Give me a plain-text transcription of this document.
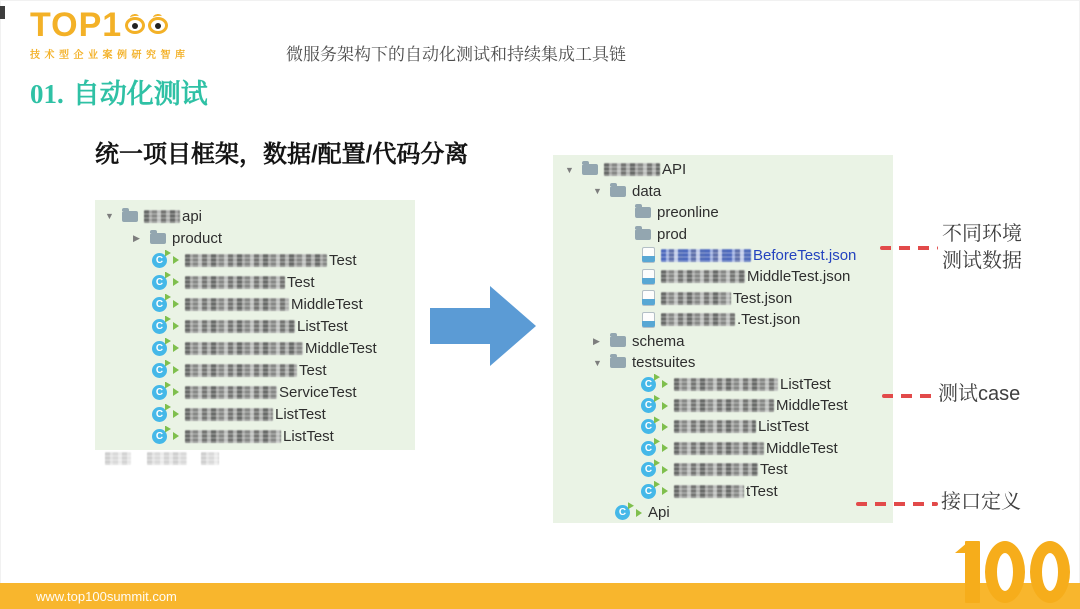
TOP1
技术型企业案例研究智库	微服务架构下的自动化测试和持续集成工具链
01. 自动化测试
统一项目框架，数据/配置/代码分离
▼	api
▶	product
C
Test
C
Test
C
MiddleTest
C
ListTest
C
MiddleTest
C
Test
C
ServiceTest
C
ListTest
C
ListTest
▼	API
▼	data
preonline
prod
BeforeTest.json
MiddleTest.json
Test.json
.Test.json
▶	schema
▼	testsuites
C
ListTest
C
MiddleTest
C
ListTest
C
MiddleTest
C
Test
C
tTest
C
Api
不同环境
测试数据
测试case
接口定义
www.top100summit.com
